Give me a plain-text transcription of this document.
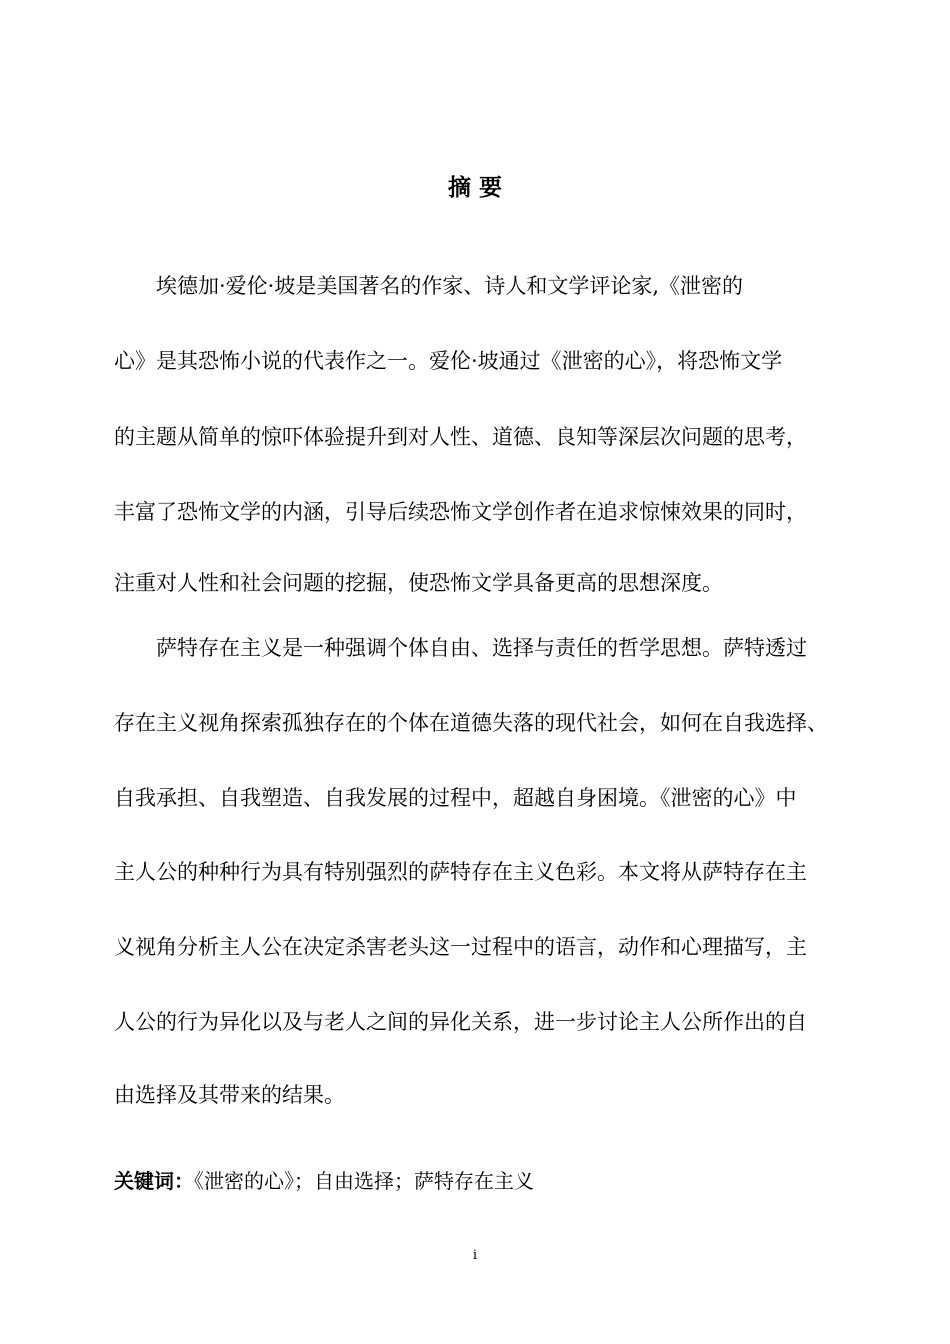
摘 要
埃德加·爱伦·坡是美国著名的作家、诗人和文学评论家,《泄密的
心》是其恐怖小说的代表作之一。爱伦·坡通过《泄密的心》，将恐怖文学
的主题从简单的惊吓体验提升到对人性、道德、良知等深层次问题的思考，
丰富了恐怖文学的内涵，引导后续恐怖文学创作者在追求惊悚效果的同时，
注重对人性和社会问题的挖掘，使恐怖文学具备更高的思想深度。
萨特存在主义是一种强调个体自由、选择与责任的哲学思想。萨特透过
存在主义视角探索孤独存在的个体在道德失落的现代社会，如何在自我选择、
自我承担、自我塑造、自我发展的过程中，超越自身困境。《泄密的心》中
主人公的种种行为具有特别强烈的萨特存在主义色彩。本文将从萨特存在主
义视角分析主人公在决定杀害老头这一过程中的语言，动作和心理描写，主
人公的行为异化以及与老人之间的异化关系，进一步讨论主人公所作出的自
由选择及其带来的结果。
关键词：《泄密的心》；自由选择；萨特存在主义
i
